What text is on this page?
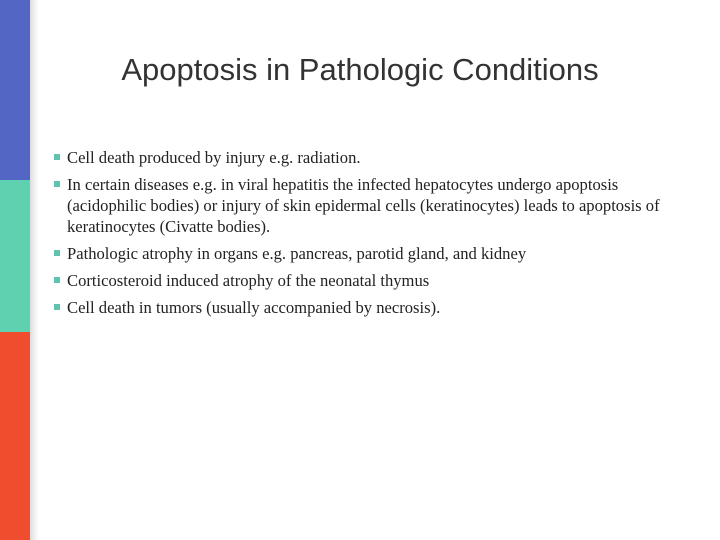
Apoptosis in Pathologic Conditions
Cell death produced by injury e.g. radiation.
In certain diseases e.g. in viral hepatitis the infected hepatocytes undergo apoptosis (acidophilic bodies) or injury of skin epidermal cells (keratinocytes) leads to apoptosis of keratinocytes (Civatte bodies).
Pathologic atrophy in organs e.g. pancreas, parotid gland, and kidney
Corticosteroid induced atrophy of the neonatal thymus
Cell death in tumors (usually accompanied by necrosis).
